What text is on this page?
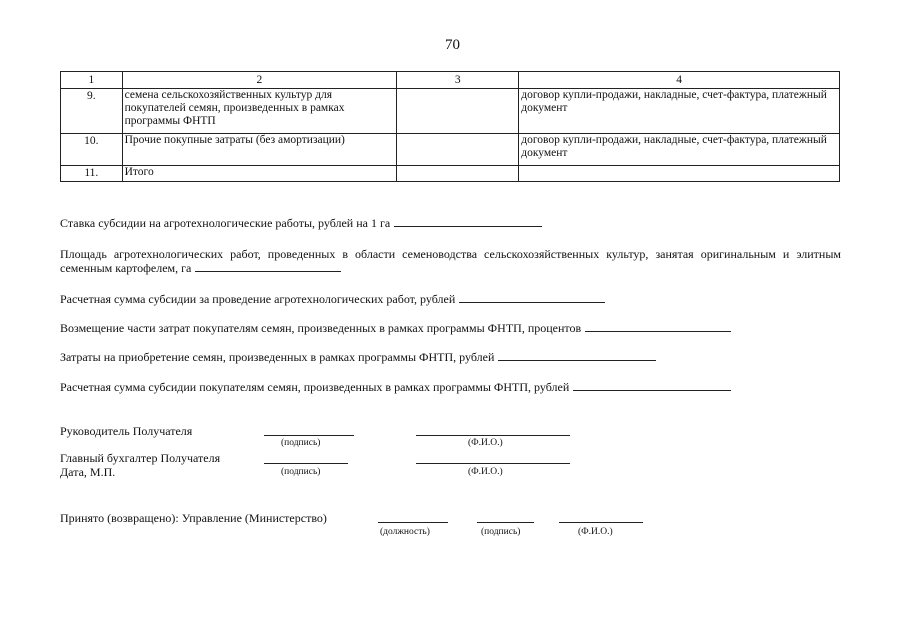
70
1	2	3	4
9.	семена сельскохозяйственных культур для покупателей семян, произведенных в рамках программы ФНТП		договор купли-продажи, накладные, счет-фактура, платежный документ
10.	Прочие покупные затраты (без амортизации)		договор купли-продажи, накладные, счет-фактура, платежный документ
11.	Итого		
Ставка субсидии на агротехнологические работы, рублей на 1 га
Площадь агротехнологических работ, проведенных в области семеноводства сельскохозяйственных культур, занятая оригинальным и элитным семенным картофелем, га
Расчетная сумма субсидии за проведение агротехнологических работ, рублей
Возмещение части затрат покупателям семян, произведенных в рамках программы ФНТП, процентов
Затраты на приобретение семян, произведенных в рамках программы ФНТП, рублей
Расчетная сумма субсидии покупателям семян, произведенных в рамках программы ФНТП, рублей
Руководитель Получателя
(подпись)	(Ф.И.О.)
Главный бухгалтер Получателя
Дата, М.П.	(подпись)	(Ф.И.О.)
Принято (возвращено): Управление (Министерство)
(должность)	(подпись)	(Ф.И.О.)
